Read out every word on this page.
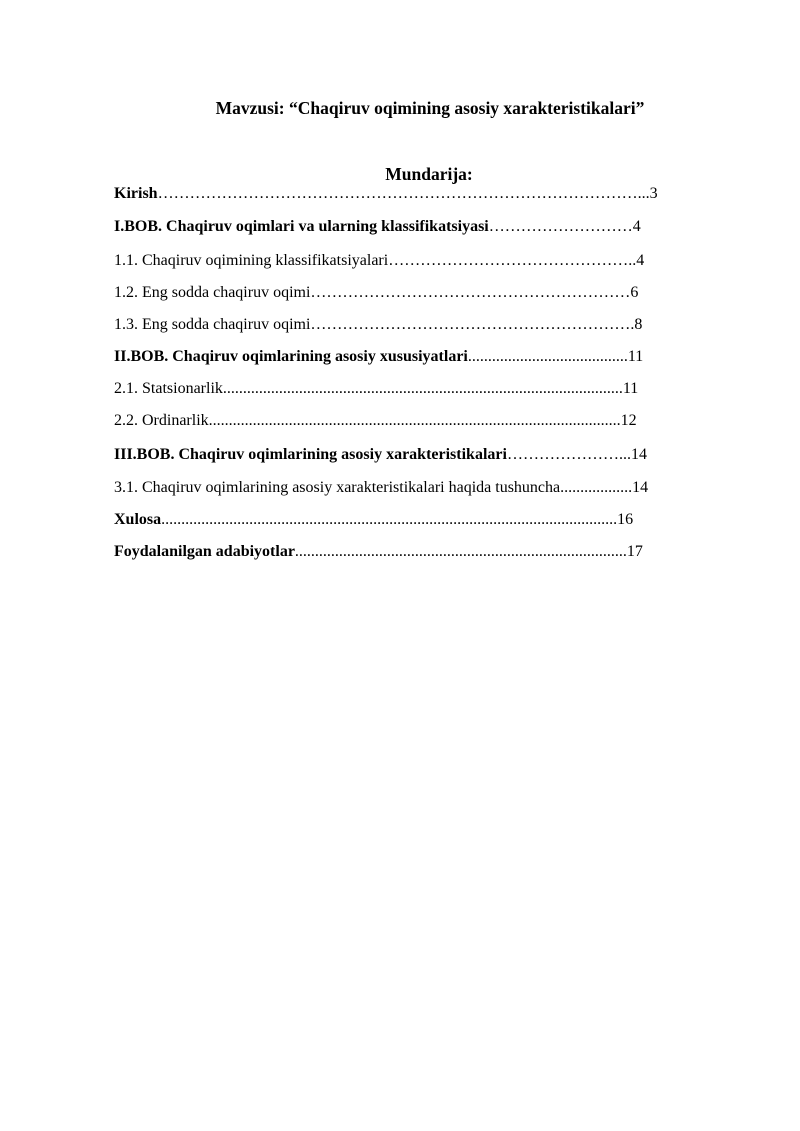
Mavzusi: “Chaqiruv oqimining asosiy xarakteristikalari”
Mundarija:
Kirish………………………………………………………………………………...3
I.BOB. Chaqiruv oqimlari va ularning klassifikatsiyasi………………………4
1.1. Chaqiruv oqimining klassifikatsiyalari………………………………………..4
1.2. Eng sodda chaqiruv oqimi……………………………………………………6
1.3. Eng sodda chaqiruv oqimi…………………………………………………….8
II.BOB. Chaqiruv oqimlarining asosiy xususiyatlari........................................11
2.1. Statsionarlik....................................................................................................11
2.2. Ordinarlik.......................................................................................................12
III.BOB. Chaqiruv oqimlarining asosiy xarakteristikalari…………………...14
3.1. Chaqiruv oqimlarining asosiy xarakteristikalari haqida tushuncha..................14
Xulosa..................................................................................................................16
Foydalanilgan adabiyotlar...................................................................................17
